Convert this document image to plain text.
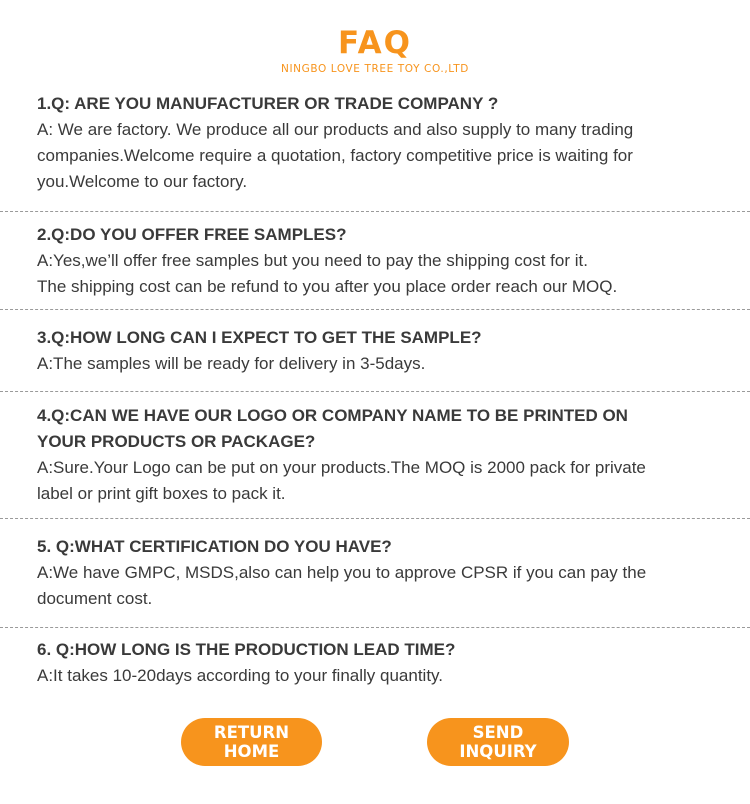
FAQ
NINGBO LOVE TREE TOY CO.,LTD
1.Q: ARE YOU MANUFACTURER OR TRADE COMPANY ?
A: We are factory. We produce all our products and also supply to many trading
companies.Welcome require a quotation, factory competitive price is waiting for
you.Welcome to our factory.
2.Q:DO YOU OFFER FREE SAMPLES?
A:Yes,we’ll offer free samples but you need to pay the shipping cost for it.
The shipping cost can be refund to you after you place order reach our MOQ.
3.Q:HOW LONG CAN I EXPECT TO GET THE SAMPLE?
A:The samples will be ready for delivery in 3-5days.
4.Q:CAN WE HAVE OUR LOGO OR COMPANY NAME TO BE PRINTED ON
YOUR PRODUCTS OR PACKAGE?
A:Sure.Your Logo can be put on your products.The MOQ is 2000 pack for private
label or print gift boxes to pack it.
5. Q:WHAT CERTIFICATION DO YOU HAVE?
A:We have GMPC, MSDS,also can help you to approve CPSR if you can pay the
document cost.
6. Q:HOW LONG IS THE PRODUCTION LEAD TIME?
A:It takes 10-20days according to your finally quantity.
RETURN
HOME
SEND
INQUIRY
